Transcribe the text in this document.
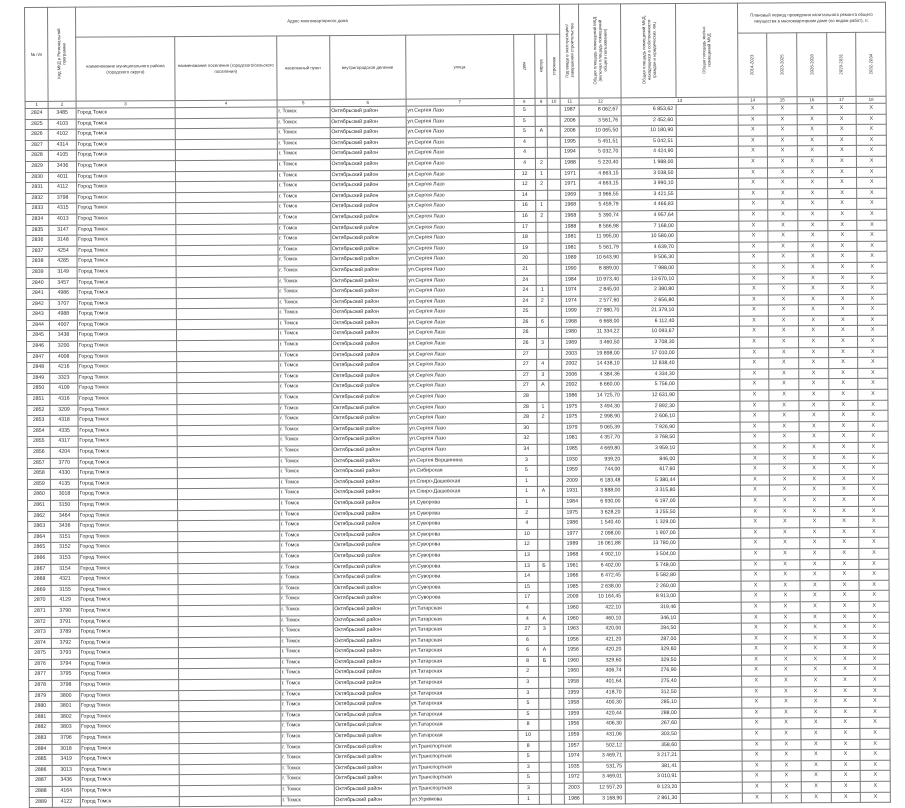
№ п/п	Код МКД в Региональной программе	Адрес многоквартирного дома								Год ввода в эксплуатацию/завершения строительства	Общая площадь помещений МКД (включая площадь помещений общего пользования)	Общая площадь помещений МКД, находящихся в собственности граждан и юридических лиц	Общая площадь жилых помещений МКД	Плановый период проведения капитального ремонта общего имущества в многоквартирном доме (по видам работ), гг.				
		наименование муниципального района (городского округа)	наименование поселения (городского/сельского поселения)	населенный пункт	внутригородское деление	улица	дом	корпус	строение					2014-2023	2023-2025	2026-2028	2029-2031	2032-2034
1	2	3	4	5	6	7	8	9	10	11	12	13		14	15	16	17	18
2824	3485	Город Томск		г. Томск	Октябрьский район	ул.Сергея Лазо	5			1987	8 062,67	6 853,62		Х	Х	Х	Х	Х
2825	4103	Город Томск		г. Томск	Октябрьский район	ул.Сергея Лазо	5			2006	3 561,76	2 452,60		Х	Х	Х	Х	Х
2826	4102	Город Томск		г. Томск	Октябрьский район	ул.Сергея Лазо	5	А		2006	10 065,50	10 180,90		Х	Х	Х	Х	Х
2827	4314	Город Томск		г. Томск	Октябрьский район	ул.Сергея Лазо	4			1995	5 451,51	5 042,51		Х	Х	Х	Х	Х
2828	4105	Город Томск		г. Томск	Октябрьский район	ул.Сергея Лазо	4			1994	5 032,70	4 424,90		Х	Х	Х	Х	Х
2829	3436	Город Томск		г. Томск	Октябрьский район	ул.Сергея Лазо	4	2		1988	5 220,40	1 988,00		Х	Х	Х	Х	Х
2830	4011	Город Томск		г. Томск	Октябрьский район	ул.Сергея Лазо	12	1		1971	4 663,15	3 038,50		Х	Х	Х	Х	Х
2831	4112	Город Томск		г. Томск	Октябрьский район	ул.Сергея Лазо	12	2		1971	4 663,15	3 990,10		Х	Х	Х	Х	Х
2832	3798	Город Томск		г. Томск	Октябрьский район	ул.Сергея Лазо	14			1969	3 966,55	3 421,55		Х	Х	Х	Х	Х
2833	4315	Город Томск		г. Томск	Октябрьский район	ул.Сергея Лазо	16	1		1968	5 459,79	4 466,83		Х	Х	Х	Х	Х
2834	4013	Город Томск		г. Томск	Октябрьский район	ул.Сергея Лазо	16	2		1968	5 390,74	4 957,64		Х	Х	Х	Х	Х
2835	3147	Город Томск		г. Томск	Октябрьский район	ул.Сергея Лазо	17			1988	8 566,98	7 168,00		Х	Х	Х	Х	Х
2836	3148	Город Томск		г. Томск	Октябрьский район	ул.Сергея Лазо	18			1981	11 995,00	10 580,00		Х	Х	Х	Х	Х
2837	4254	Город Томск		г. Томск	Октябрьский район	ул.Сергея Лазо	19			1981	5 561,79	4 639,70		Х	Х	Х	Х	Х
2838	4285	Город Томск		г. Томск	Октябрьский район	ул.Сергея Лазо	20			1989	10 643,90	9 506,30		Х	Х	Х	Х	Х
2839	3149	Город Томск		г. Томск	Октябрьский район	ул.Сергея Лазо	21			1990	8 889,00	7 988,00		Х	Х	Х	Х	Х
2840	3457	Город Томск		г. Томск	Октябрьский район	ул.Сергея Лазо	24			1984	10 973,40	13 670,10		Х	Х	Х	Х	Х
2841	4986	Город Томск		г. Томск	Октябрьский район	ул.Сергея Лазо	24	1		1974	2 845,00	2 380,80		Х	Х	Х	Х	Х
2842	3707	Город Томск		г. Томск	Октябрьский район	ул.Сергея Лазо	24	2		1974	2 577,60	2 656,80		Х	Х	Х	Х	Х
2843	4988	Город Томск		г. Томск	Октябрьский район	ул.Сергея Лазо	25			1999	27 980,70	21 379,10		Х	Х	Х	Х	Х
2844	4007	Город Томск		г. Томск	Октябрьский район	ул.Сергея Лазо	26	6		1968	6 668,00	6 112,40		Х	Х	Х	Х	Х
2845	3438	Город Томск		г. Томск	Октябрьский район	ул.Сергея Лазо	26			1980	11 334,22	10 093,67		Х	Х	Х	Х	Х
2846	3200	Город Томск		г. Томск	Октябрьский район	ул.Сергея Лазо	26	3		1969	3 460,50	3 708,30		Х	Х	Х	Х	Х
2847	4008	Город Томск		г. Томск	Октябрьский район	ул.Сергея Лазо	27			2003	19 898,00	17 010,00		Х	Х	Х	Х	Х
2848	4216	Город Томск		г. Томск	Октябрьский район	ул.Сергея Лазо	27	4		2002	14 438,10	12 838,40		Х	Х	Х	Х	Х
2849	3323	Город Томск		г. Томск	Октябрьский район	ул.Сергея Лазо	27	3		2006	4 384,36	4 334,30		Х	Х	Х	Х	Х
2850	4109	Город Томск		г. Томск	Октябрьский район	ул.Сергея Лазо	27	А		2002	6 660,00	5 756,00		Х	Х	Х	Х	Х
2851	4316	Город Томск		г. Томск	Октябрьский район	ул.Сергея Лазо	28			1986	14 725,70	12 631,90		Х	Х	Х	Х	Х
2852	3209	Город Томск		г. Томск	Октябрьский район	ул.Сергея Лазо	28	1		1975	3 494,30	2 892,30		Х	Х	Х	Х	Х
2853	4318	Город Томск		г. Томск	Октябрьский район	ул.Сергея Лазо	28	2		1975	2 998,90	2 606,10		Х	Х	Х	Х	Х
2854	4335	Город Томск		г. Томск	Октябрьский район	ул.Сергея Лазо	30			1979	9 065,39	7 926,90		Х	Х	Х	Х	Х
2855	4317	Город Томск		г. Томск	Октябрьский район	ул.Сергея Лазо	32			1981	4 357,70	3 768,50		Х	Х	Х	Х	Х
2856	4204	Город Томск		г. Томск	Октябрьский район	ул.Сергея Лазо	34			1985	4 669,80	3 959,10		Х	Х	Х	Х	Х
2857	3770	Город Томск		г. Томск	Октябрьский район	ул.Сергея Вершинина	3			1930	939,20	846,00		Х	Х	Х	Х	Х
2858	4330	Город Томск		г. Томск	Октябрьский район	ул.Сибирская	5			1959	744,00	617,60		Х	Х	Х	Х	Х
2859	4135	Город Томск		г. Томск	Октябрьский район	ул.Спиро-Дашевская	1			2009	6 183,48	5 380,44		Х	Х	Х	Х	Х
2860	3018	Город Томск		г. Томск	Октябрьский район	ул.Спиро-Дашевская	1	А		1931	3 888,00	3 315,80		Х	Х	Х	Х	Х
2861	3150	Город Томск		г. Томск	Октябрьский район	ул.Суворова	1			1984	6 930,00	6 197,00		Х	Х	Х	Х	Х
2862	3464	Город Томск		г. Томск	Октябрьский район	ул.Суворова	2			1975	3 628,20	3 255,50		Х	Х	Х	Х	Х
2863	3436	Город Томск		г. Томск	Октябрьский район	ул.Суворова	4			1986	1 540,40	1 329,00		Х	Х	Х	Х	Х
2864	3151	Город Томск		г. Томск	Октябрьский район	ул.Суворова	10			1977	2 098,00	1 907,00		Х	Х	Х	Х	Х
2865	3152	Город Томск		г. Томск	Октябрьский район	ул.Суворова	12			1989	16 061,88	13 780,00		Х	Х	Х	Х	Х
2866	3153	Город Томск		г. Томск	Октябрьский район	ул.Суворова	13			1968	4 902,10	3 504,00		Х	Х	Х	Х	Х
2867	3154	Город Томск		г. Томск	Октябрьский район	ул.Суворова	13	Б		1961	6 402,00	5 748,00		Х	Х	Х	Х	Х
2868	4321	Город Томск		г. Томск	Октябрьский район	ул.Суворова	14			1966	6 472,45	5 582,80		Х	Х	Х	Х	Х
2869	3155	Город Томск		г. Томск	Октябрьский район	ул.Суворова	15			1985	2 638,00	2 260,00		Х	Х	Х	Х	Х
2870	4129	Город Томск		г. Томск	Октябрьский район	ул.Суворова	17			2009	10 164,45	8 913,00		Х	Х	Х	Х	Х
2871	3790	Город Томск		г. Томск	Октябрьский район	ул.Татарская	4			1960	422,10	319,46		Х	Х	Х	Х	Х
2872	3791	Город Томск		г. Томск	Октябрьский район	ул.Татарская	4	А		1960	460,10	346,10		Х	Х	Х	Х	Х
2873	3789	Город Томск		г. Томск	Октябрьский район	ул.Татарская	27	3		1963	420,00	284,50		Х	Х	Х	Х	Х
2874	3792	Город Томск		г. Томск	Октябрьский район	ул.Татарская	6			1956	421,20	287,00		Х	Х	Х	Х	Х
2875	3793	Город Томск		г. Томск	Октябрьский район	ул.Татарская	6	А		1956	420,20	329,60		Х	Х	Х	Х	Х
2876	3794	Город Томск		г. Томск	Октябрьский район	ул.Татарская	8	Б		1960	329,60	329,50		Х	Х	Х	Х	Х
2877	3795	Город Томск		г. Томск	Октябрьский район	ул.Татарская	2			1960	406,74	276,90		Х	Х	Х	Х	Х
2878	3798	Город Томск		г. Томск	Октябрьский район	ул.Татарская	3			1958	401,64	275,40		Х	Х	Х	Х	Х
2879	3800	Город Томск		г. Томск	Октябрьский район	ул.Татарская	3			1959	418,70	312,50		Х	Х	Х	Х	Х
2880	3801	Город Томск		г. Томск	Октябрьский район	ул.Татарская	5			1958	400,30	285,10		Х	Х	Х	Х	Х
2881	3802	Город Томск		г. Томск	Октябрьский район	ул.Татарская	5			1959	420,44	288,00		Х	Х	Х	Х	Х
2882	3803	Город Томск		г. Томск	Октябрьский район	ул.Татарская	8			1956	406,30	267,60		Х	Х	Х	Х	Х
2883	3796	Город Томск		г. Томск	Октябрьский район	ул.Татарская	10			1959	431,06	303,50		Х	Х	Х	Х	Х
2884	3018	Город Томск		г. Томск	Октябрьский район	ул.Транспортная	8			1957	502,12	358,60		Х	Х	Х	Х	Х
2885	3419	Город Томск		г. Томск	Октябрьский район	ул.Транспортная	5			1974	3 469,71	3 217,21		Х	Х	Х	Х	Х
2886	3013	Город Томск		г. Томск	Октябрьский район	ул.Транспортная	3			1935	531,75	381,41		Х	Х	Х	Х	Х
2887	3436	Город Томск		г. Томск	Октябрьский район	ул.Транспортная	5			1972	3 469,01	3 010,91		Х	Х	Х	Х	Х
2888	4164	Город Томск		г. Томск	Октябрьский район	ул.Транспортная	3			2003	12 557,20	9 123,20		Х	Х	Х	Х	Х
2889	4122	Город Томск		г. Томск	Октябрьский район	ул.Угрюмова	1			1986	3 168,90	2 861,30		Х	Х	Х	Х	Х
